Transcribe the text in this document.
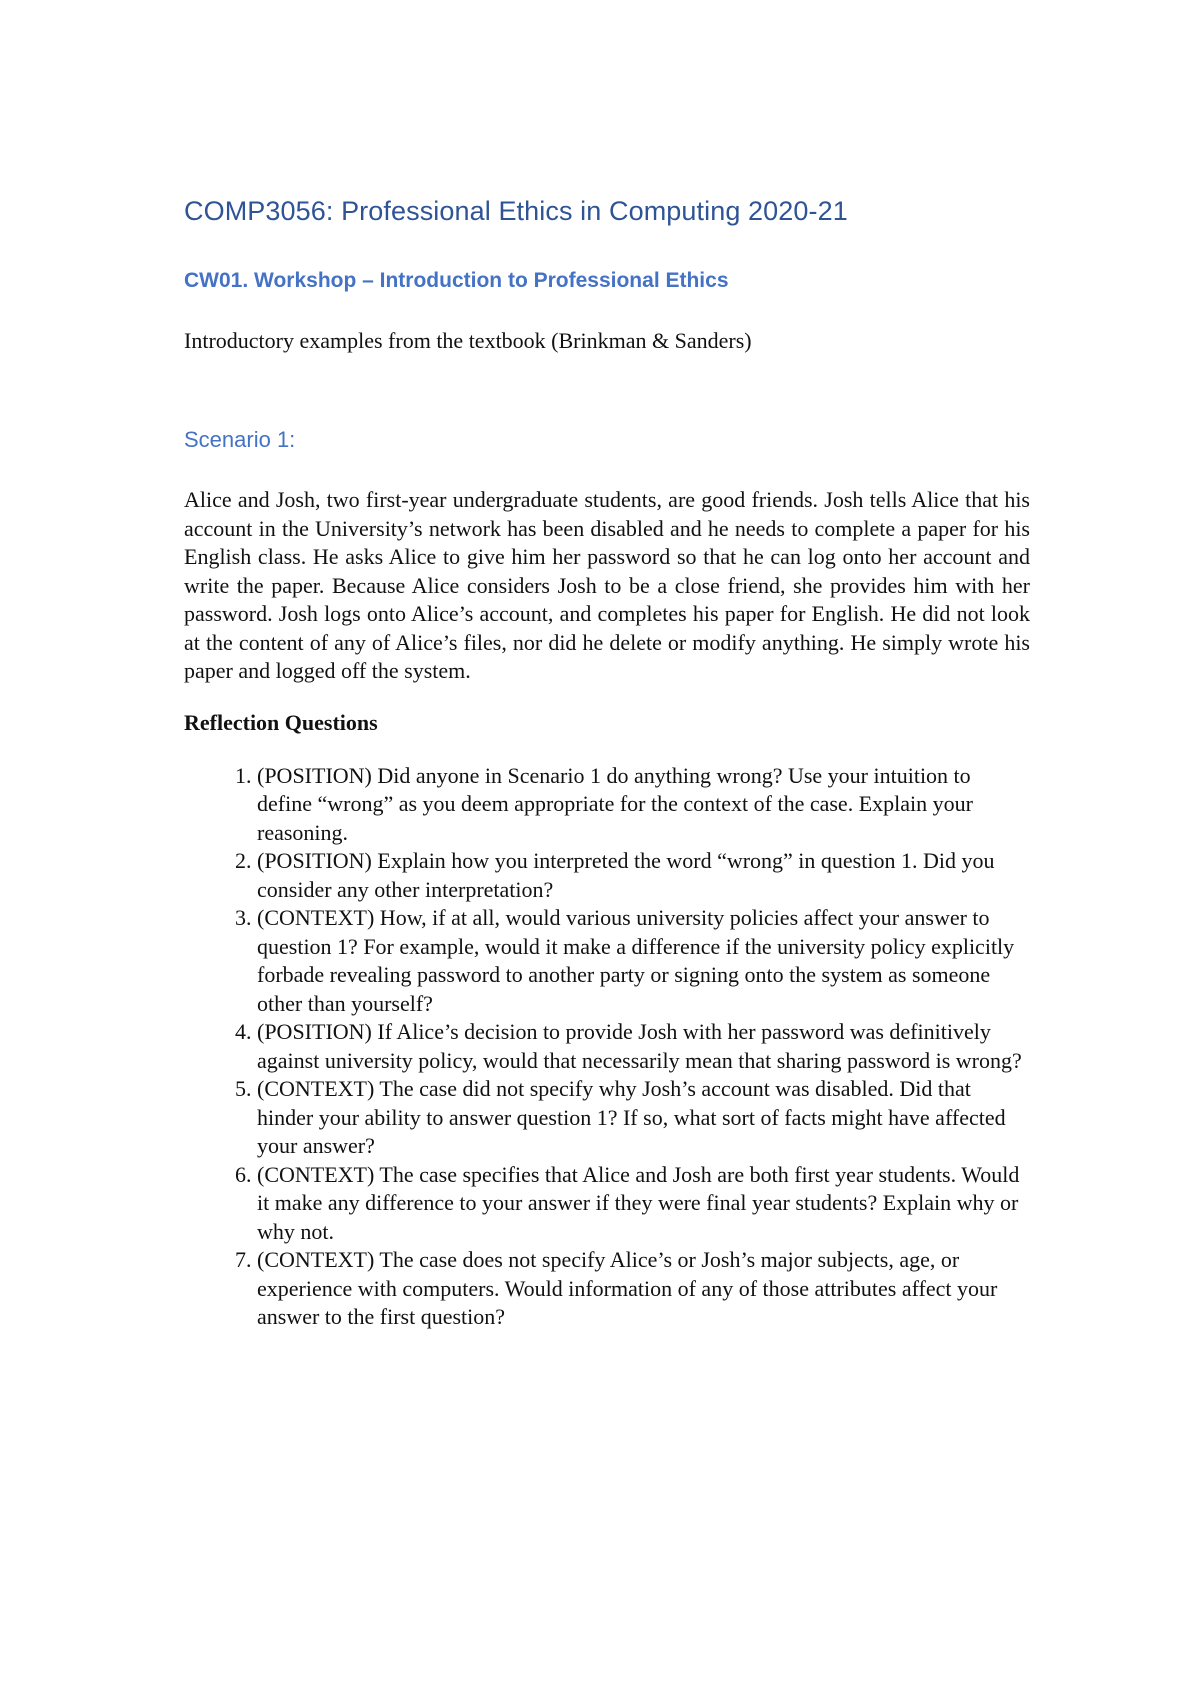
COMP3056: Professional Ethics in Computing 2020-21
CW01. Workshop – Introduction to Professional Ethics

Introductory examples from the textbook (Brinkman & Sanders)

Scenario 1:

Alice and Josh, two first-year undergraduate students, are good friends. Josh tells Alice that his account in the University’s network has been disabled and he needs to complete a paper for his English class. He asks Alice to give him her password so that he can log onto her account and write the paper. Because Alice considers Josh to be a close friend, she provides him with her password. Josh logs onto Alice’s account, and completes his paper for English. He did not look at the content of any of Alice’s files, nor did he delete or modify anything. He simply wrote his paper and logged off the system.

Reflection Questions

1. (POSITION) Did anyone in Scenario 1 do anything wrong? Use your intuition to define “wrong” as you deem appropriate for the context of the case. Explain your reasoning.
2. (POSITION) Explain how you interpreted the word “wrong” in question 1. Did you consider any other interpretation?
3. (CONTEXT) How, if at all, would various university policies affect your answer to question 1? For example, would it make a difference if the university policy explicitly forbade revealing password to another party or signing onto the system as someone other than yourself?
4. (POSITION) If Alice’s decision to provide Josh with her password was definitively against university policy, would that necessarily mean that sharing password is wrong?
5. (CONTEXT) The case did not specify why Josh’s account was disabled. Did that hinder your ability to answer question 1? If so, what sort of facts might have affected your answer?
6. (CONTEXT) The case specifies that Alice and Josh are both first year students. Would it make any difference to your answer if they were final year students? Explain why or why not.
7. (CONTEXT) The case does not specify Alice’s or Josh’s major subjects, age, or experience with computers. Would information of any of those attributes affect your answer to the first question?
